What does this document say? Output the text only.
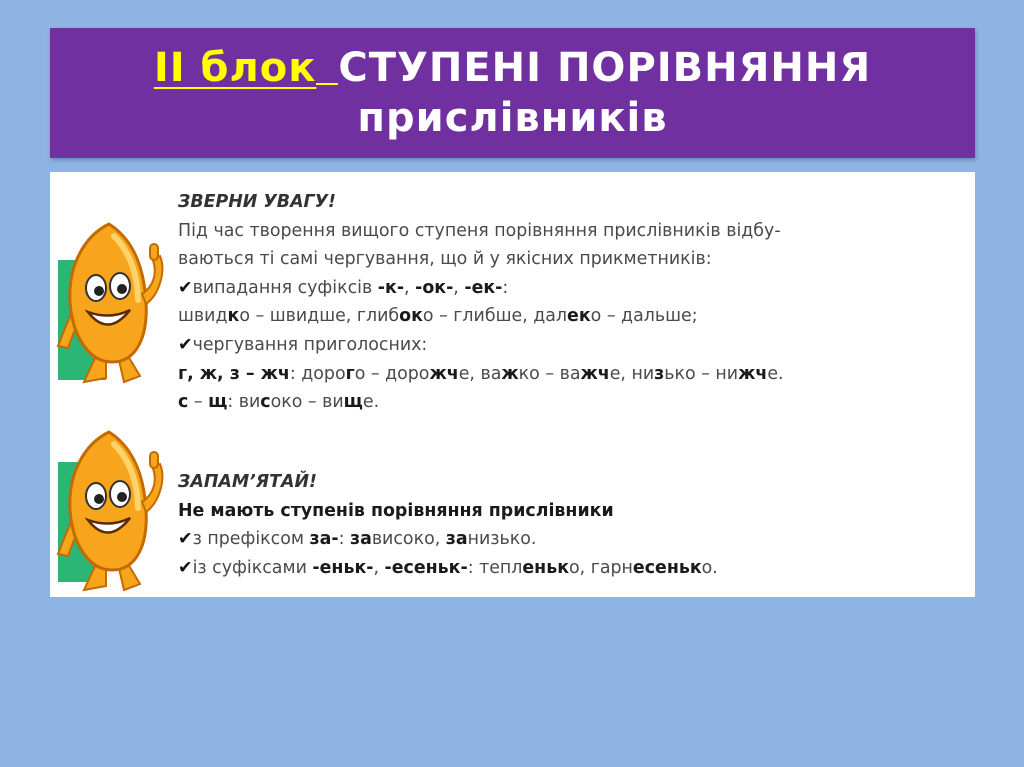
ІІ блок СТУПЕНІ ПОРІВНЯННЯ
прислівників
ЗВЕРНИ УВАГУ!
Під час творення вищого ступеня порівняння прислівників відбу-
ваються ті самі чергування, що й у якісних прикметників:
✔випадання суфіксів -к-, -ок-, -ек-:
швидко – швидше, глибоко – глибше, далеко – дальше;
✔чергування приголосних:
г, ж, з – жч: дорого – дорожче, важко – важче, низько – нижче.
с – щ: високо – вище.
ЗАПАМ’ЯТАЙ!
Не мають ступенів порівняння прислівники
✔з префіксом за-: зависоко, занизько.
✔із суфіксами -еньк-, -есеньк-: тепленько, гарнесенько.
